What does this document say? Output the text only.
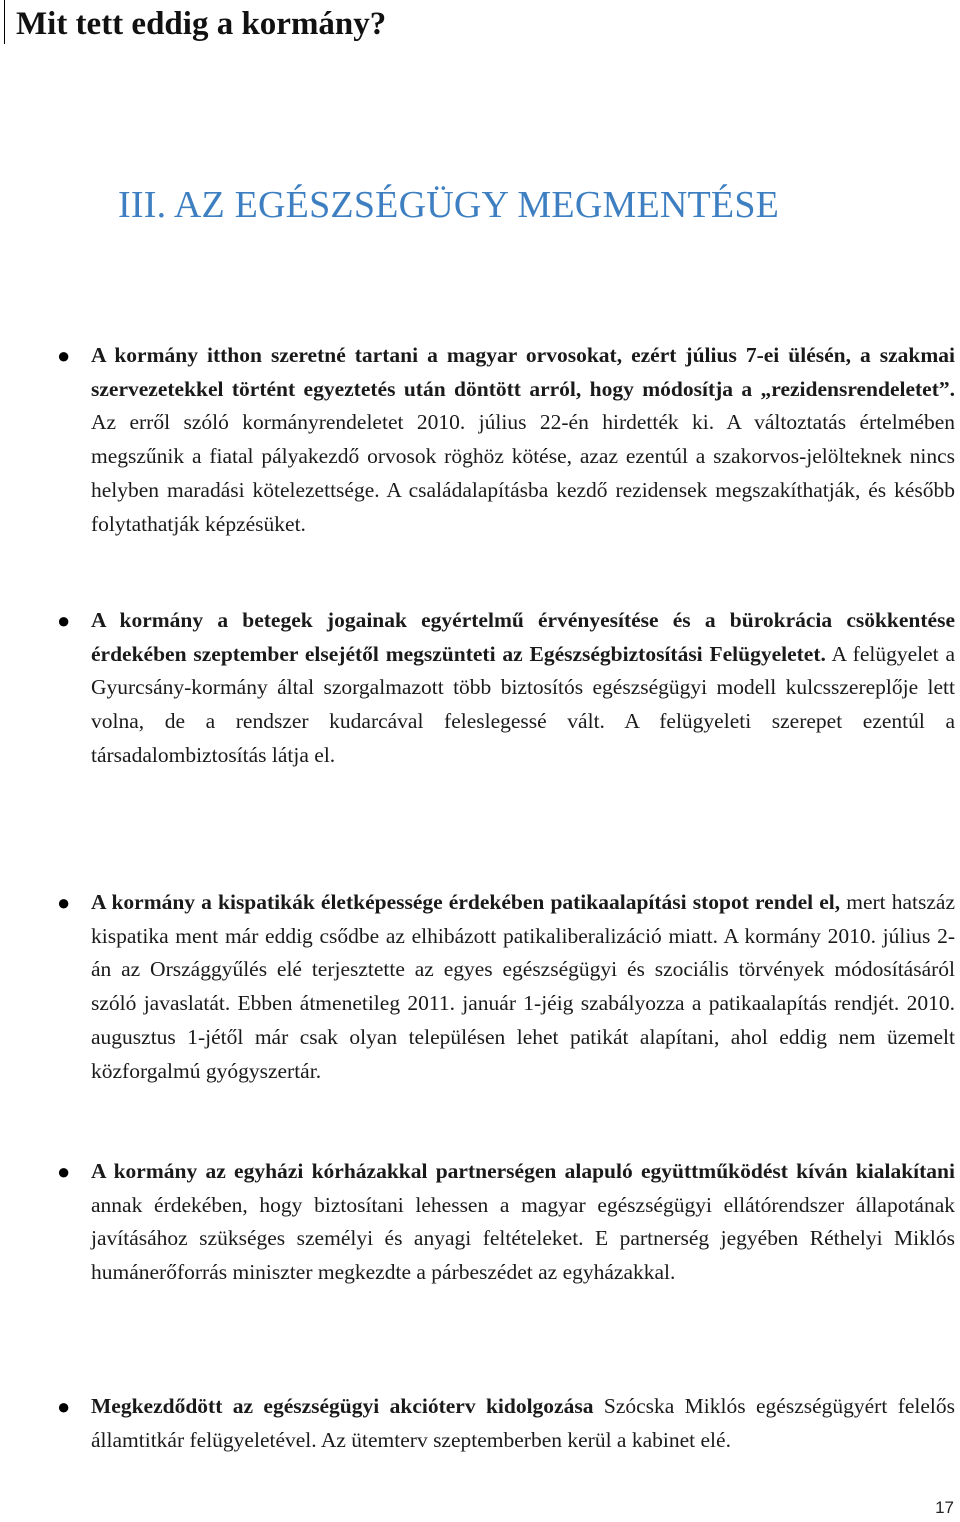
Mit tett eddig a kormány?
III. AZ EGÉSZSÉGÜGY MEGMENTÉSE
● A kormány itthon szeretné tartani a magyar orvosokat, ezért július 7-ei ülésén, a szakmai szervezetekkel történt egyeztetés után döntött arról, hogy módosítja a „rezidensrendeletet”. Az erről szóló kormányrendeletet 2010. július 22-én hirdették ki. A változtatás értelmében megszűnik a fiatal pályakezdő orvosok röghöz kötése, azaz ezentúl a szakorvos-jelölteknek nincs helyben maradási kötelezettsége. A családalapításba kezdő rezidensek megszakíthatják, és később folytathatják képzésüket.
● A kormány a betegek jogainak egyértelmű érvényesítése és a bürokrácia csökkentése érdekében szeptember elsejétől megszünteti az Egészségbiztosítási Felügyeletet. A felügyelet a Gyurcsány-kormány által szorgalmazott több biztosítós egészségügyi modell kulcsszereplője lett volna, de a rendszer kudarcával feleslegessé vált. A felügyeleti szerepet ezentúl a társadalombiztosítás látja el.
● A kormány a kispatikák életképessége érdekében patikaalapítási stopot rendel el, mert hatszáz kispatika ment már eddig csődbe az elhibázott patikaliberalizáció miatt. A kormány 2010. július 2-án az Országgyűlés elé terjesztette az egyes egészségügyi és szociális törvények módosításáról szóló javaslatát. Ebben átmenetileg 2011. január 1-jéig szabályozza a patikaalapítás rendjét. 2010. augusztus 1-jétől már csak olyan településen lehet patikát alapítani, ahol eddig nem üzemelt közforgalmú gyógyszertár.
● A kormány az egyházi kórházakkal partnerségen alapuló együttműködést kíván kialakítani annak érdekében, hogy biztosítani lehessen a magyar egészségügyi ellátórendszer állapotának javításához szükséges személyi és anyagi feltételeket. E partnerség jegyében Réthelyi Miklós humánerőforrás miniszter megkezdte a párbeszédet az egyházakkal.
● Megkezdődött az egészségügyi akcióterv kidolgozása Szócska Miklós egészségügyért felelős államtitkár felügyeletével. Az ütemterv szeptemberben kerül a kabinet elé.
17
